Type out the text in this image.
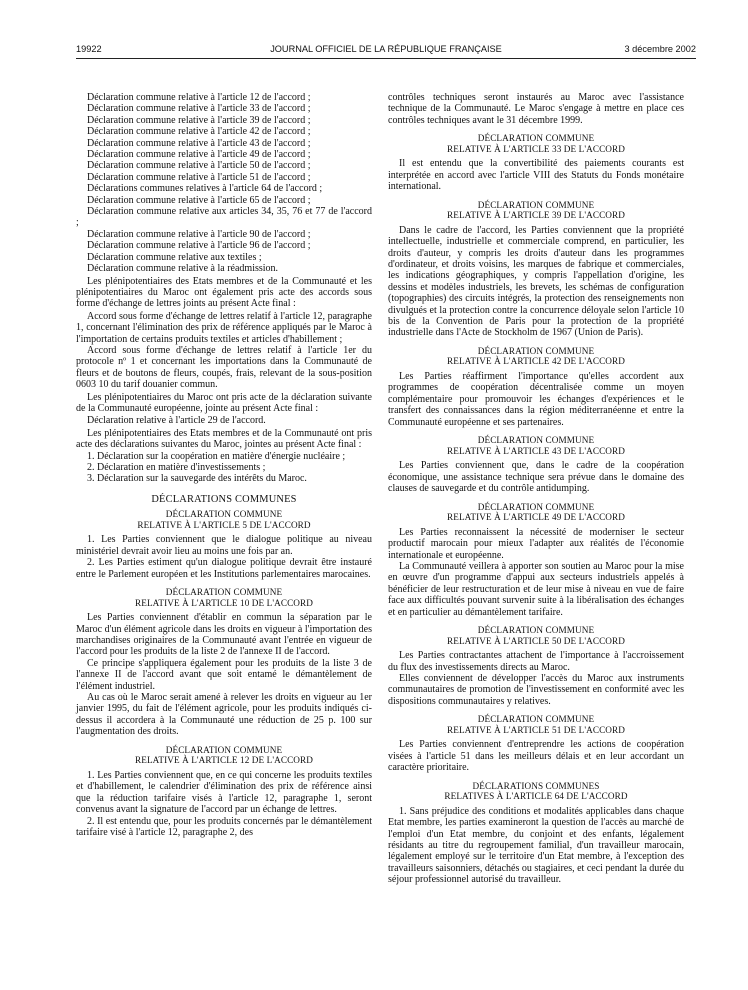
19922	JOURNAL OFFICIEL DE LA RÉPUBLIQUE FRANÇAISE	3 décembre 2002

Déclaration commune relative à l'article 12 de l'accord ;

Déclaration commune relative à l'article 33 de l'accord ;

Déclaration commune relative à l'article 39 de l'accord ;

Déclaration commune relative à l'article 42 de l'accord ;

Déclaration commune relative à l'article 43 de l'accord ;

Déclaration commune relative à l'article 49 de l'accord ;

Déclaration commune relative à l'article 50 de l'accord ;

Déclaration commune relative à l'article 51 de l'accord ;

Déclarations communes relatives à l'article 64 de l'accord ;

Déclaration commune relative à l'article 65 de l'accord ;

Déclaration commune relative aux articles 34, 35, 76 et 77 de l'accord ;

Déclaration commune relative à l'article 90 de l'accord ;

Déclaration commune relative à l'article 96 de l'accord ;

Déclaration commune relative aux textiles ;

Déclaration commune relative à la réadmission.

Les plénipotentiaires des Etats membres et de la Communauté et les plénipotentiaires du Maroc ont également pris acte des accords sous forme d'échange de lettres joints au présent Acte final :

Accord sous forme d'échange de lettres relatif à l'article 12, paragraphe 1, concernant l'élimination des prix de référence appliqués par le Maroc à l'importation de certains produits textiles et articles d'habillement ;

Accord sous forme d'échange de lettres relatif à l'article 1er du protocole nº 1 et concernant les importations dans la Communauté de fleurs et de boutons de fleurs, coupés, frais, relevant de la sous-position 0603 10 du tarif douanier commun.

Les plénipotentiaires du Maroc ont pris acte de la déclaration suivante de la Communauté européenne, jointe au présent Acte final :

Déclaration relative à l'article 29 de l'accord.

Les plénipotentiaires des Etats membres et de la Communauté ont pris acte des déclarations suivantes du Maroc, jointes au présent Acte final :

1. Déclaration sur la coopération en matière d'énergie nucléaire ;

2. Déclaration en matière d'investissements ;

3. Déclaration sur la sauvegarde des intérêts du Maroc.

DÉCLARATIONS COMMUNES

DÉCLARATION COMMUNE
RELATIVE À L'ARTICLE 5 DE L'ACCORD

1. Les Parties conviennent que le dialogue politique au niveau ministériel devrait avoir lieu au moins une fois par an.

2. Les Parties estiment qu'un dialogue politique devrait être instauré entre le Parlement européen et les Institutions parlementaires marocaines.

DÉCLARATION COMMUNE
RELATIVE À L'ARTICLE 10 DE L'ACCORD

Les Parties conviennent d'établir en commun la séparation par le Maroc d'un élément agricole dans les droits en vigueur à l'importation des marchandises originaires de la Communauté avant l'entrée en vigueur de l'accord pour les produits de la liste 2 de l'annexe II de l'accord.

Ce principe s'appliquera également pour les produits de la liste 3 de l'annexe II de l'accord avant que soit entamé le démantèlement de l'élément industriel.

Au cas où le Maroc serait amené à relever les droits en vigueur au 1er janvier 1995, du fait de l'élément agricole, pour les produits indiqués ci-dessus il accordera à la Communauté une réduction de 25 p. 100 sur l'augmentation des droits.

DÉCLARATION COMMUNE
RELATIVE À L'ARTICLE 12 DE L'ACCORD

1. Les Parties conviennent que, en ce qui concerne les produits textiles et d'habillement, le calendrier d'élimination des prix de référence ainsi que la réduction tarifaire visés à l'article 12, paragraphe 1, seront convenus avant la signature de l'accord par un échange de lettres.

2. Il est entendu que, pour les produits concernés par le démantèlement tarifaire visé à l'article 12, paragraphe 2, des

contrôles techniques seront instaurés au Maroc avec l'assistance technique de la Communauté. Le Maroc s'engage à mettre en place ces contrôles techniques avant le 31 décembre 1999.

DÉCLARATION COMMUNE
RELATIVE À L'ARTICLE 33 DE L'ACCORD

Il est entendu que la convertibilité des paiements courants est interprétée en accord avec l'article VIII des Statuts du Fonds monétaire international.

DÉCLARATION COMMUNE
RELATIVE À L'ARTICLE 39 DE L'ACCORD

Dans le cadre de l'accord, les Parties conviennent que la propriété intellectuelle, industrielle et commerciale comprend, en particulier, les droits d'auteur, y compris les droits d'auteur dans les programmes d'ordinateur, et droits voisins, les marques de fabrique et commerciales, les indications géographiques, y compris l'appellation d'origine, les dessins et modèles industriels, les brevets, les schémas de configuration (topographies) des circuits intégrés, la protection des renseignements non divulgués et la protection contre la concurrence déloyale selon l'article 10 bis de la Convention de Paris pour la protection de la propriété industrielle dans l'Acte de Stockholm de 1967 (Union de Paris).

DÉCLARATION COMMUNE
RELATIVE À L'ARTICLE 42 DE L'ACCORD

Les Parties réaffirment l'importance qu'elles accordent aux programmes de coopération décentralisée comme un moyen complémentaire pour promouvoir les échanges d'expériences et le transfert des connaissances dans la région méditerranéenne et entre la Communauté européenne et ses partenaires.

DÉCLARATION COMMUNE
RELATIVE À L'ARTICLE 43 DE L'ACCORD

Les Parties conviennent que, dans le cadre de la coopération économique, une assistance technique sera prévue dans le domaine des clauses de sauvegarde et du contrôle antidumping.

DÉCLARATION COMMUNE
RELATIVE À L'ARTICLE 49 DE L'ACCORD

Les Parties reconnaissent la nécessité de moderniser le secteur productif marocain pour mieux l'adapter aux réalités de l'économie internationale et européenne.

La Communauté veillera à apporter son soutien au Maroc pour la mise en œuvre d'un programme d'appui aux secteurs industriels appelés à bénéficier de leur restructuration et de leur mise à niveau en vue de faire face aux difficultés pouvant survenir suite à la libéralisation des échanges et en particulier au démantèlement tarifaire.

DÉCLARATION COMMUNE
RELATIVE À L'ARTICLE 50 DE L'ACCORD

Les Parties contractantes attachent de l'importance à l'accroissement du flux des investissements directs au Maroc.

Elles conviennent de développer l'accès du Maroc aux instruments communautaires de promotion de l'investissement en conformité avec les dispositions communautaires y relatives.

DÉCLARATION COMMUNE
RELATIVE À L'ARTICLE 51 DE L'ACCORD

Les Parties conviennent d'entreprendre les actions de coopération visées à l'article 51 dans les meilleurs délais et en leur accordant un caractère prioritaire.

DÉCLARATIONS COMMUNES
RELATIVES À L'ARTICLE 64 DE L'ACCORD

1. Sans préjudice des conditions et modalités applicables dans chaque Etat membre, les parties examineront la question de l'accès au marché de l'emploi d'un Etat membre, du conjoint et des enfants, légalement résidants au titre du regroupement familial, d'un travailleur marocain, légalement employé sur le territoire d'un Etat membre, à l'exception des travailleurs saisonniers, détachés ou stagiaires, et ceci pendant la durée du séjour professionnel autorisé du travailleur.
